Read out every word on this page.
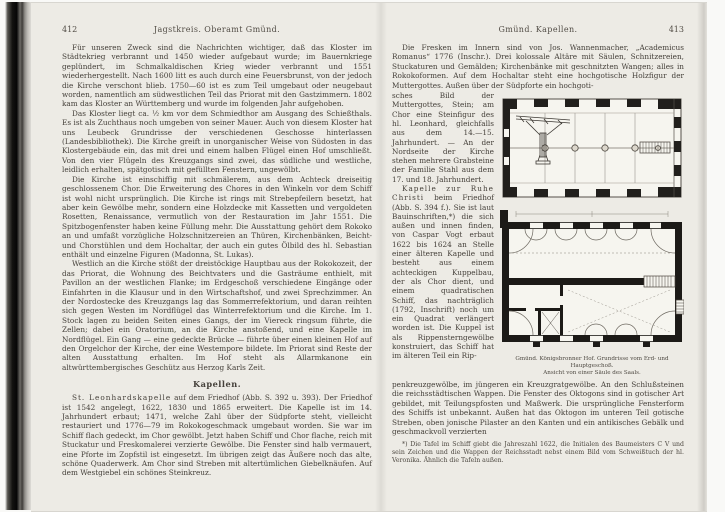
412	Jagstkreis. Oberamt Gmünd.

Für unseren Zweck sind die Nachrichten wichtiger, daß das Kloster im Städtekrieg verbrannt und 1450 wieder aufgebaut wurde; im Bauernkriege geplündert, im Schmalkaldischen Krieg wieder verbrannt und 1551 wiederhergestellt. Nach 1600 litt es auch durch eine Feuersbrunst, von der jedoch die Kirche verschont blieb. 1750—60 ist es zum Teil umgebaut oder neugebaut worden, namentlich am südwestlichen Teil das Priorat mit den Gastzimmern. 1802 kam das Kloster an Württemberg und wurde im folgenden Jahr aufgehoben.

Das Kloster liegt ca. ½ km vor dem Schmiedthor am Ausgang des Schießthals. Es ist als Zuchthaus noch umgeben von seiner Mauer. Auch von diesem Kloster hat uns Leubeck Grundrisse der verschiedenen Geschosse hinterlassen (Landesbibliothek). Die Kirche greift in unorganischer Weise von Südosten in das Klostergebäude ein, das mit drei und einem halben Flügel einen Hof umschließt. Von den vier Flügeln des Kreuzgangs sind zwei, das südliche und westliche, leidlich erhalten, spätgotisch mit gefüllten Fenstern, ungewölbt.

Die Kirche ist einschiffig mit schmälerem, aus dem Achteck dreiseitig geschlossenem Chor. Die Erweiterung des Chores in den Winkeln vor dem Schiff ist wohl nicht ursprünglich. Die Kirche ist rings mit Strebepfeilern besetzt, hat aber kein Gewölbe mehr, sondern eine Holzdecke mit Kassetten und vergoldeten Rosetten, Renaissance, vermutlich von der Restauration im Jahr 1551. Die Spitzbogenfenster haben keine Füllung mehr. Die Ausstattung gehört dem Rokoko an und umfaßt vorzügliche Holzschnitzereien an Thüren, Kirchenbänken, Beicht- und Chorstühlen und dem Hochaltar, der auch ein gutes Ölbild des hl. Sebastian enthält und einzelne Figuren (Madonna, St. Lukas).

Westlich an die Kirche stößt der dreistöckige Hauptbau aus der Rokokozeit, der das Priorat, die Wohnung des Beichtvaters und die Gasträume enthielt, mit Pavillon an der westlichen Flanke; im Erdgeschoß verschiedene Eingänge oder Einfahrten in die Klausur und in den Wirtschaftshof, und zwei Sprechzimmer. An der Nordostecke des Kreuzgangs lag das Sommerrefektorium, und daran reihten sich gegen Westen im Nordflügel das Winterrefektorium und die Kirche. Im 1. Stock lagen zu beiden Seiten eines Gangs, der im Viereck ringsum führte, die Zellen; dabei ein Oratorium, an die Kirche anstoßend, und eine Kapelle im Nordflügel. Ein Gang — eine gedeckte Brücke — führte über einen kleinen Hof auf den Orgelchor der Kirche, der eine Westempore bildete. Im Priorat sind Reste der alten Ausstattung erhalten. Im Hof steht als Allarmkanone ein altwürttembergisches Geschütz aus Herzog Karls Zeit.

Kapellen.

St. Leonhardskapelle auf dem Friedhof (Abb. S. 392 u. 393). Der Friedhof ist 1542 angelegt, 1622, 1830 und 1865 erweitert. Die Kapelle ist im 14. Jahrhundert erbaut; 1471, welche Zahl über der Südpforte steht, vielleicht restauriert und 1776—79 im Rokokogeschmack umgebaut worden. Sie war im Schiff flach gedeckt, im Chor gewölbt. Jetzt haben Schiff und Chor flache, reich mit Stuckatur und Freskomalerei verzierte Gewölbe. Die Fenster sind halb vermauert, eine Pforte im Zopfstil ist eingesetzt. Im übrigen zeigt das Äußere noch das alte, schöne Quaderwerk. Am Chor sind Streben mit altertümlichen Giebelknäufen. Auf dem Westgiebel ein schönes Steinkreuz.

Gmünd. Kapellen.	413

Die Fresken im Innern sind von Jos. Wannenmacher, „Academicus Romanus“ 1776 (Inschr.). Drei kolossale Altäre mit Säulen, Schnitzereien, Stuckaturen und Gemälden; Kirchenbänke mit geschnitzten Wangen; alles in Rokokoformen. Auf dem Hochaltar steht eine hochgotische Holzfigur der Muttergottes. Außen über der Südpforte ein hochgoti-

sches Bild der Muttergottes, Stein; am Chor eine Steinfigur des hl. Leonhard, gleichfalls aus dem 14.—15. Jahrhundert. — An der Nordseite der Kirche stehen mehrere Grabsteine der Familie Stahl aus dem 17. und 18. Jahrhundert.

Kapelle zur Ruhe Christi beim Friedhof (Abb. S. 394 f.). Sie ist laut Bauinschriften,*) die sich außen und innen finden, von Caspar Vogt erbaut 1622 bis 1624 an Stelle einer älteren Kapelle und besteht aus einem achteckigen Kuppelbau, der als Chor dient, und einem quadratischen Schiff, das nachträglich (1792, Inschrift) noch um ein Quadrat verlängert worden ist. Die Kuppel ist als Rippensterngewölbe konstruiert, das Schiff hat im älteren Teil ein Rip-	Gmünd. Königsbronner Hof. Grundrisse vom Erd- und Hauptgeschoß.
Ansicht von einer Säule des Saals.

penkreuzgewölbe, im jüngeren ein Kreuzgratgewölbe. An den Schlußsteinen die reichsstädtischen Wappen. Die Fenster des Oktogons sind in gotischer Art gebildet, mit Teilungspfosten und Maßwerk. Die ursprüngliche Fensterform des Schiffs ist unbekannt. Außen hat das Oktogon im unteren Teil gotische Streben, oben jonische Pilaster an den Kanten und ein antikisches Gebälk und geschmackvoll verzierten

*) Die Tafel im Schiff giebt die Jahreszahl 1622, die Initialen des Baumeisters C V und sein Zeichen und die Wappen der Reichsstadt nebst einem Bild vom Schweißtuch der hl. Veronika. Ähnlich die Tafeln außen.
